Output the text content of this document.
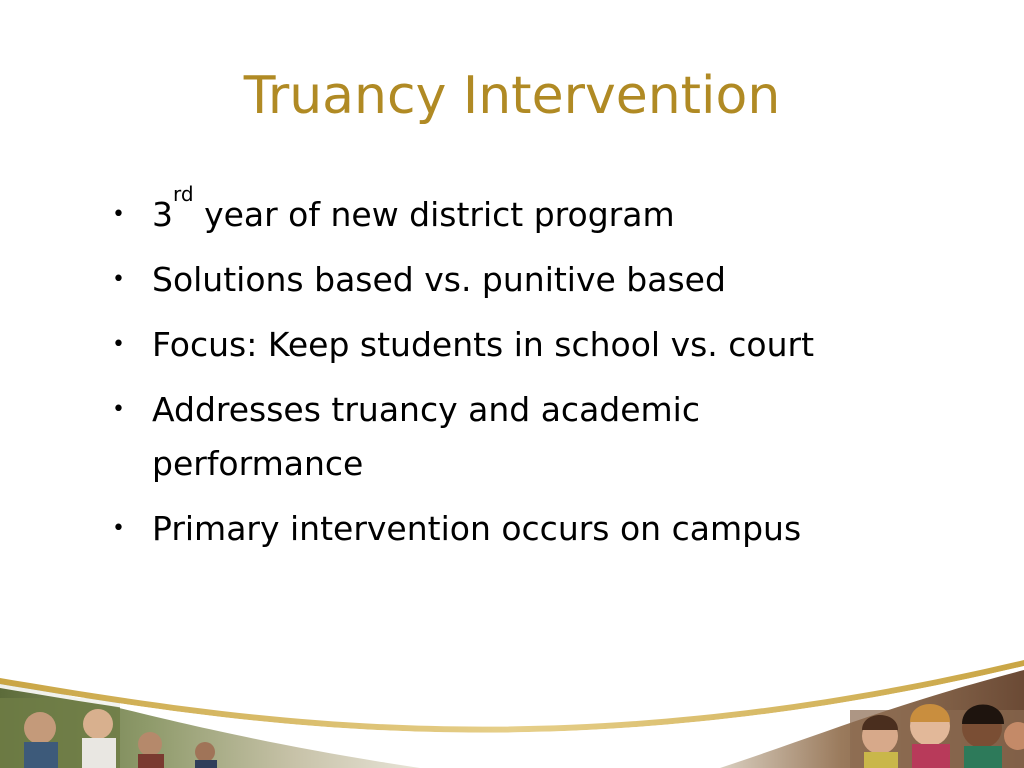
Truancy Intervention
• 3rd year of new district program
• Solutions based vs. punitive based
• Focus: Keep students in school vs. court
• Addresses truancy and academic performance
• Primary intervention occurs on campus
